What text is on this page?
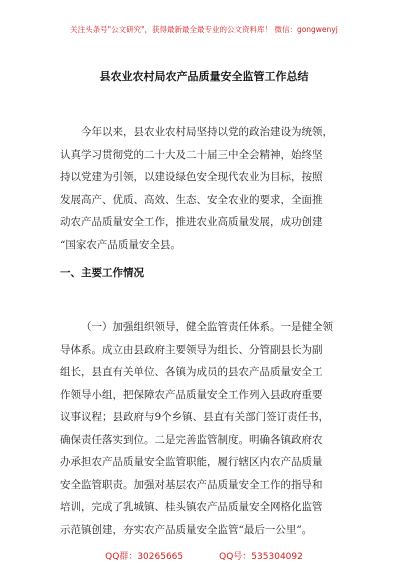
关注头条号"公文研究"，获得最新最全最专业的公文资料库！ 微信：gongwenyj
县农业农村局农产品质量安全监管工作总结
今年以来，县农业农村局坚持以党的政治建设为统领，
认真学习贯彻党的二十大及二十届三中全会精神，始终坚
持以党建为引领，以建设绿色安全现代农业为目标，按照
发展高产、优质、高效、生态、安全农业的要求，全面推
动农产品质量安全工作，推进农业高质量发展，成功创建
“国家农产品质量安全县。
一、主要工作情况
（一）加强组织领导，健全监管责任体系。一是健全领
导体系。成立由县政府主要领导为组长、分管副县长为副
组长，县直有关单位、各镇为成员的县农产品质量安全工
作领导小组，把保障农产品质量安全工作列入县政府重要
议事议程；县政府与9个乡镇、县直有关部门签订责任书，
确保责任落实到位。二是完善监管制度。明确各镇政府农
办承担农产品质量安全监管职能，履行辖区内农产品质量
安全监管职责。加强对基层农产品质量安全工作的指导和
培训，完成了乳城镇、桂头镇农产品质量安全网格化监管
示范镇创建，夯实农产品质量安全监管“最后一公里”。
QQ群：30265665	QQ号：535304092
